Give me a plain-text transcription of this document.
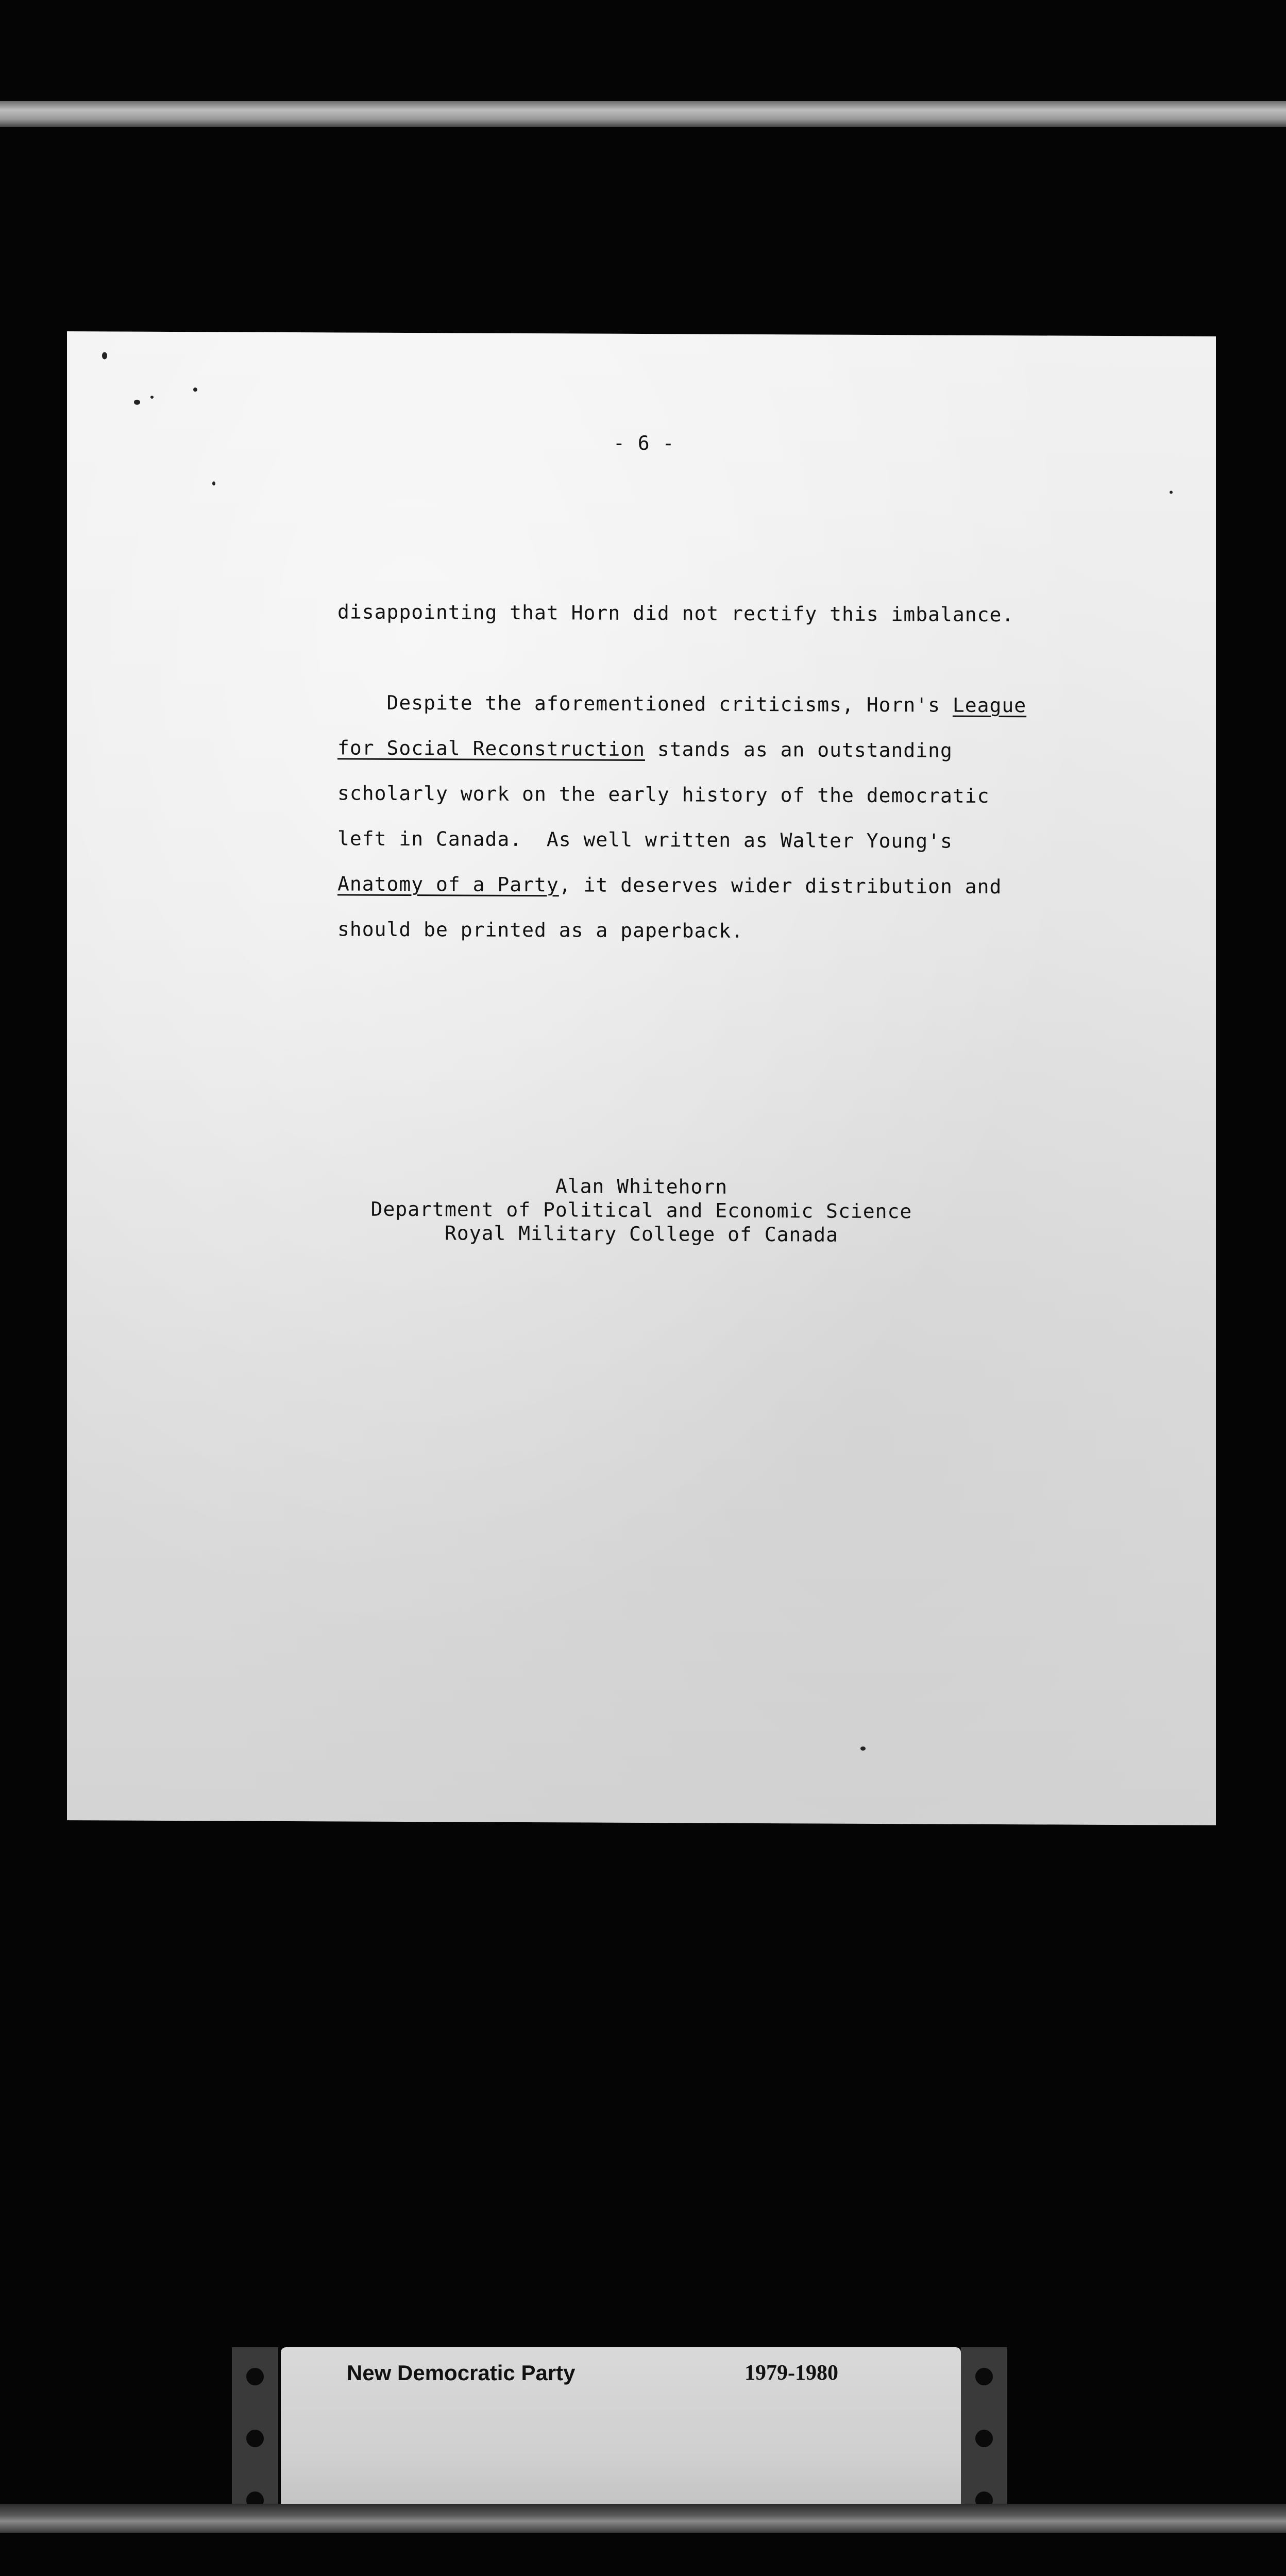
- 6 -
disappointing that Horn did not rectify this imbalance.
Despite the aforementioned criticisms, Horn's League
for Social Reconstruction stands as an outstanding
scholarly work on the early history of the democratic
left in Canada.  As well written as Walter Young's
Anatomy of a Party, it deserves wider distribution and
should be printed as a paperback.
Alan Whitehorn
Department of Political and Economic Science
Royal Military College of Canada
New Democratic Party	1979-1980
